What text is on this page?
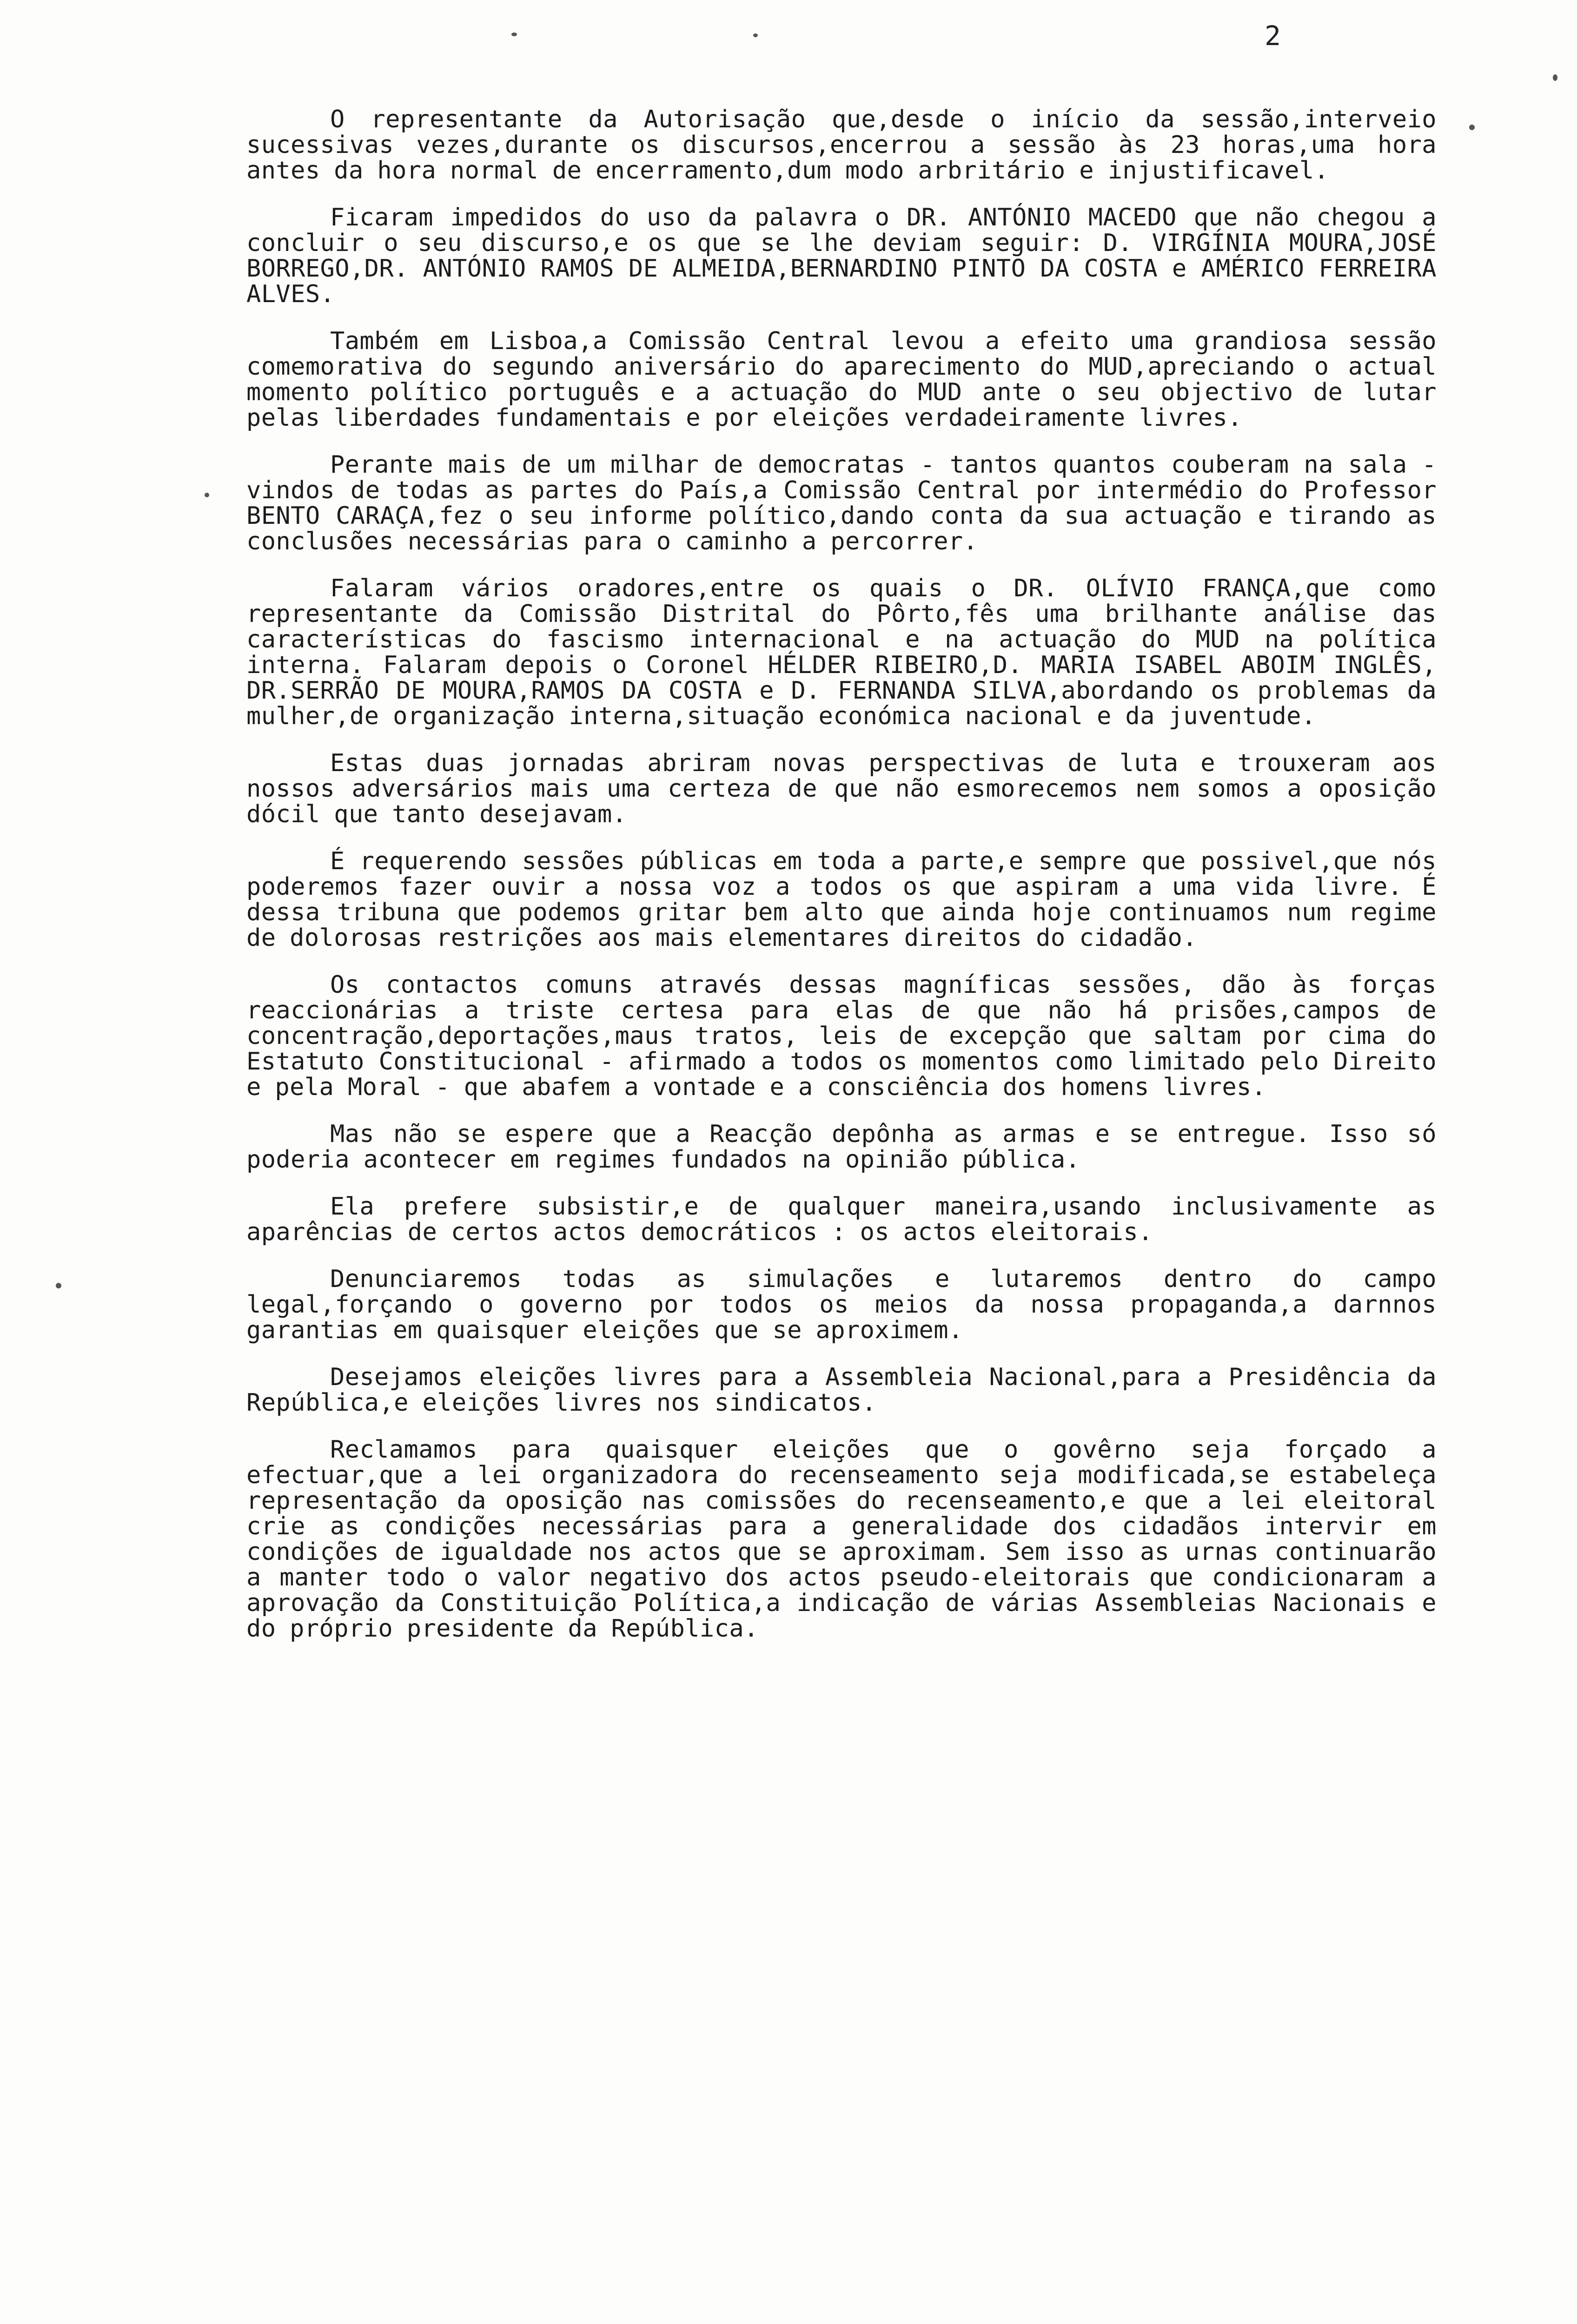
2

O representante da Autorisação que,desde o início da sessão,interveio sucessivas vezes,durante os discursos,encerrou a sessão às 23 horas,uma hora antes da hora normal de encerramento,dum modo arbritário e injustificavel.

Ficaram impedidos do uso da palavra o DR. ANTÓNIO MACEDO que não chegou a concluir o seu discurso,e os que se lhe deviam seguir: D. VIRGÍNIA MOURA,JOSÉ BORREGO,DR. ANTÓNIO RAMOS DE ALMEIDA,BERNARDINO PINTO DA COSTA e AMÉRICO FERREIRA ALVES.

Também em Lisboa,a Comissão Central levou a efeito uma grandiosa sessão comemorativa do segundo aniversário do aparecimento do MUD,apreciando o actual momento político português e a actuação do MUD ante o seu objectivo de lutar pelas liberdades fundamentais e por eleições verdadeiramente livres.

Perante mais de um milhar de democratas - tantos quantos couberam na sala - vindos de todas as partes do País,a Comissão Central por intermédio do Professor BENTO CARAÇA,fez o seu informe político,dando conta da sua actuação e tirando as conclusões necessárias para o caminho a percorrer.

Falaram vários oradores,entre os quais o DR. OLÍVIO FRANÇA,que como representante da Comissão Distrital do Pôrto,fês uma brilhante análise das características do fascismo internacional e na actuação do MUD na política interna. Falaram depois o Coronel HÉLDER RIBEIRO,D. MARIA ISABEL ABOIM INGLÊS, DR.SERRÃO DE MOURA,RAMOS DA COSTA e D. FERNANDA SILVA,abordando os problemas da mulher,de organização interna,situação económica nacional e da juventude.

Estas duas jornadas abriram novas perspectivas de luta e trouxeram aos nossos adversários mais uma certeza de que não esmorecemos nem somos a oposição dócil que tanto desejavam.

É requerendo sessões públicas em toda a parte,e sempre que possivel,que nós poderemos fazer ouvir a nossa voz a todos os que aspiram a uma vida livre. É dessa tribuna que podemos gritar bem alto que ainda hoje continuamos num regime de dolorosas restrições aos mais elementares direitos do cidadão.

Os contactos comuns através dessas magníficas sessões, dão às forças reaccionárias a triste certesa para elas de que não há prisões,campos de concentração,deportações,maus tratos, leis de excepção que saltam por cima do Estatuto Constitucional - afirmado a todos os momentos como limitado pelo Direito e pela Moral - que abafem a vontade e a consciência dos homens livres.

Mas não se espere que a Reacção depônha as armas e se entregue. Isso só poderia acontecer em regimes fundados na opinião pública.

Ela prefere subsistir,e de qualquer maneira,usando inclusivamente as aparências de certos actos democráticos : os actos eleitorais.

Denunciaremos todas as simulações e lutaremos dentro do campo legal,forçando o governo por todos os meios da nossa propaganda,a darnnos garantias em quaisquer eleições que se aproximem.

Desejamos eleições livres para a Assembleia Nacional,para a Presidência da República,e eleições livres nos sindicatos.

Reclamamos para quaisquer eleições que o govêrno seja forçado a efectuar,que a lei organizadora do recenseamento seja modificada,se estabeleça representação da oposição nas comissões do recenseamento,e que a lei eleitoral crie as condições necessárias para a generalidade dos cidadãos intervir em condições de igualdade nos actos que se aproximam. Sem isso as urnas continuarão a manter todo o valor negativo dos actos pseudo-eleitorais que condicionaram a aprovação da Constituição Política,a indicação de várias Assembleias Nacionais e do próprio presidente da República.
